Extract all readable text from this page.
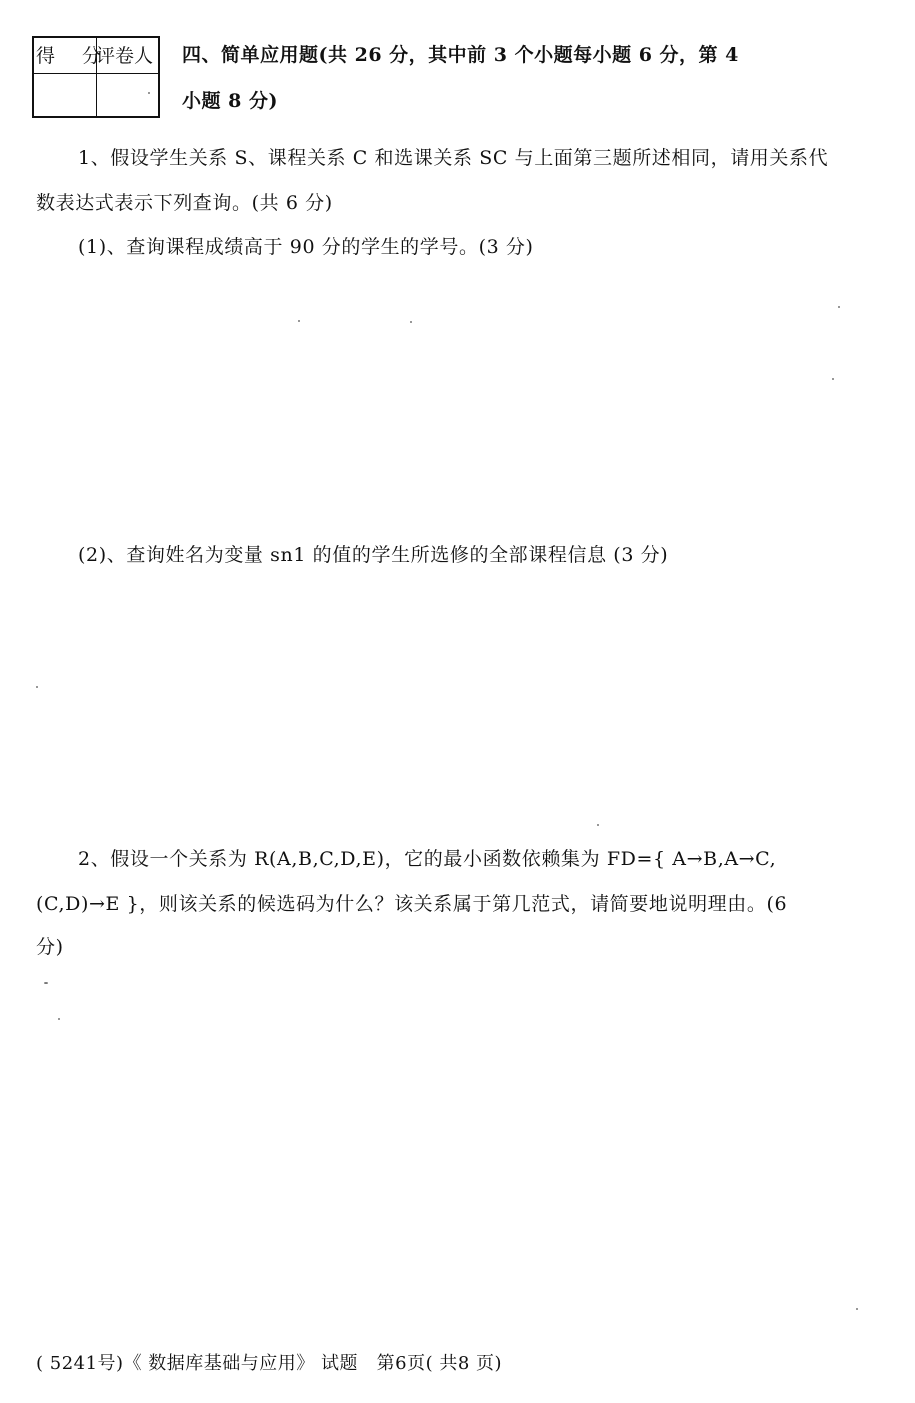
得 分
评卷人 四、简单应用题(共 26 分，其中前 3 个小题每小题 6 分，第 4
小题 8 分)
1、假设学生关系 S、课程关系 C 和选课关系 SC 与上面第三题所述相同，请用关系代
数表达式表示下列查询。(共 6 分)
(1)、查询课程成绩高于 90 分的学生的学号。(3 分)
(2)、查询姓名为变量 sn1 的值的学生所选修的全部课程信息 (3 分)
2、假设一个关系为 R(A,B,C,D,E)，它的最小函数依赖集为 FD={ A→B,A→C,
(C,D)→E }，则该关系的候选码为什么？该关系属于第几范式，请简要地说明理由。(6
分)
( 5241号)《 数据库基础与应用》 试题   第6页( 共8 页)
